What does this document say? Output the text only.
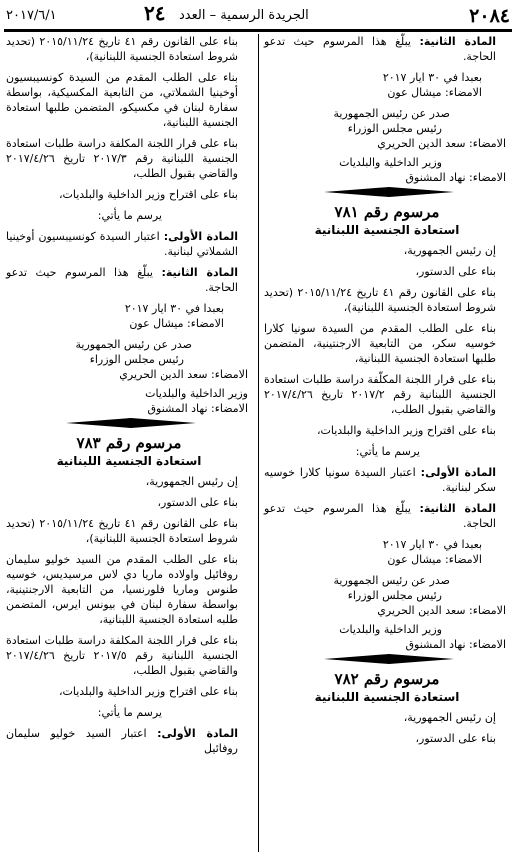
٢٠٨٤
الجريدة الرسمية – العدد
٢٤
٢٠١٧/٦/١

المادة الثانية: يبلّغ هذا المرسوم حيث تدعو الحاجة.

بعبدا في ٣٠ ايار ٢٠١٧

الامضاء: ميشال عون

صدر عن رئيس الجمهورية

رئيس مجلس الوزراء

الامضاء: سعد الدين الحريري

وزير الداخلية والبلديات

الامضاء: نهاد المشنوق

مرسوم رقم ٧٨١
استعادة الجنسية اللبنانية

إن رئيس الجمهورية،

بناء على الدستور،

بناء على القانون رقم ٤١ تاريخ ٢٠١٥/١١/٢٤ (تحديد شروط استعادة الجنسية اللبنانية)،

بناء على الطلب المقدم من السيدة سونيا كلارا خوسيه سكر، من التابعية الارجنتينية، المتضمن طلبها استعادة الجنسية اللبنانية،

بناء على قرار اللجنة المكلّفة دراسة طلبات استعادة الجنسية اللبنانية رقم ٢٠١٧/٢ تاريخ ٢٠١٧/٤/٢٦ والقاضي بقبول الطلب،

بناء على اقتراح وزير الداخلية والبلديات،

يرسم ما يأتي:

المادة الأولى: اعتبار السيدة سونيا كلارا خوسيه سكر لبنانية.

المادة الثانية: يبلّغ هذا المرسوم حيث تدعو الحاجة.

بعبدا في ٣٠ ايار ٢٠١٧

الامضاء: ميشال عون

صدر عن رئيس الجمهورية

رئيس مجلس الوزراء

الامضاء: سعد الدين الحريري

وزير الداخلية والبلديات

الامضاء: نهاد المشنوق

مرسوم رقم ٧٨٢
استعادة الجنسية اللبنانية

إن رئيس الجمهورية،

بناء على الدستور،

بناء على القانون رقم ٤١ تاريخ ٢٠١٥/١١/٢٤ (تحديد شروط استعادة الجنسية اللبنانية)،

بناء على الطلب المقدم من السيدة كونسيبسيون أوخينيا الشملاتي، من التابعية المكسيكية، بواسطة سفارة لبنان في مكسيكو، المتضمن طلبها استعادة الجنسية اللبنانية،

بناء على قرار اللجنة المكلفة دراسة طلبات استعادة الجنسية اللبنانية رقم ٢٠١٧/٣ تاريخ ٢٠١٧/٤/٢٦ والقاضي بقبول الطلب،

بناء على اقتراح وزير الداخلية والبلديات،

يرسم ما يأتي:

المادة الأولى: اعتبار السيدة كونسيبسيون أوخينيا الشملاتي لبنانية.

المادة الثانية: يبلّغ هذا المرسوم حيث تدعو الحاجة.

بعبدا في ٣٠ ايار ٢٠١٧

الامضاء: ميشال عون

صدر عن رئيس الجمهورية

رئيس مجلس الوزراء

الامضاء: سعد الدين الحريري

وزير الداخلية والبلديات

الامضاء: نهاد المشنوق

مرسوم رقم ٧٨٣
استعادة الجنسية اللبنانية

إن رئيس الجمهورية،

بناء على الدستور،

بناء على القانون رقم ٤١ تاريخ ٢٠١٥/١١/٢٤ (تحديد شروط استعادة الجنسية اللبنانية)،

بناء على الطلب المقدم من السيد خوليو سليمان روفائيل واولاده ماريا دي لاس مرسيديس، خوسيه طنوس وماريا فلورنسيا، من التابعية الارجنتينية، بواسطة سفارة لبنان في بيونس ايرس، المتضمن طلبه استعادة الجنسية اللبنانية،

بناء على قرار اللجنة المكلفة دراسة طلبات استعادة الجنسية اللبنانية رقم ٢٠١٧/٥ تاريخ ٢٠١٧/٤/٢٦ والقاضي بقبول الطلب،

بناء على اقتراح وزير الداخلية والبلديات،

يرسم ما يأتي:

المادة الأولى: اعتبار السيد خوليو سليمان روفائيل
